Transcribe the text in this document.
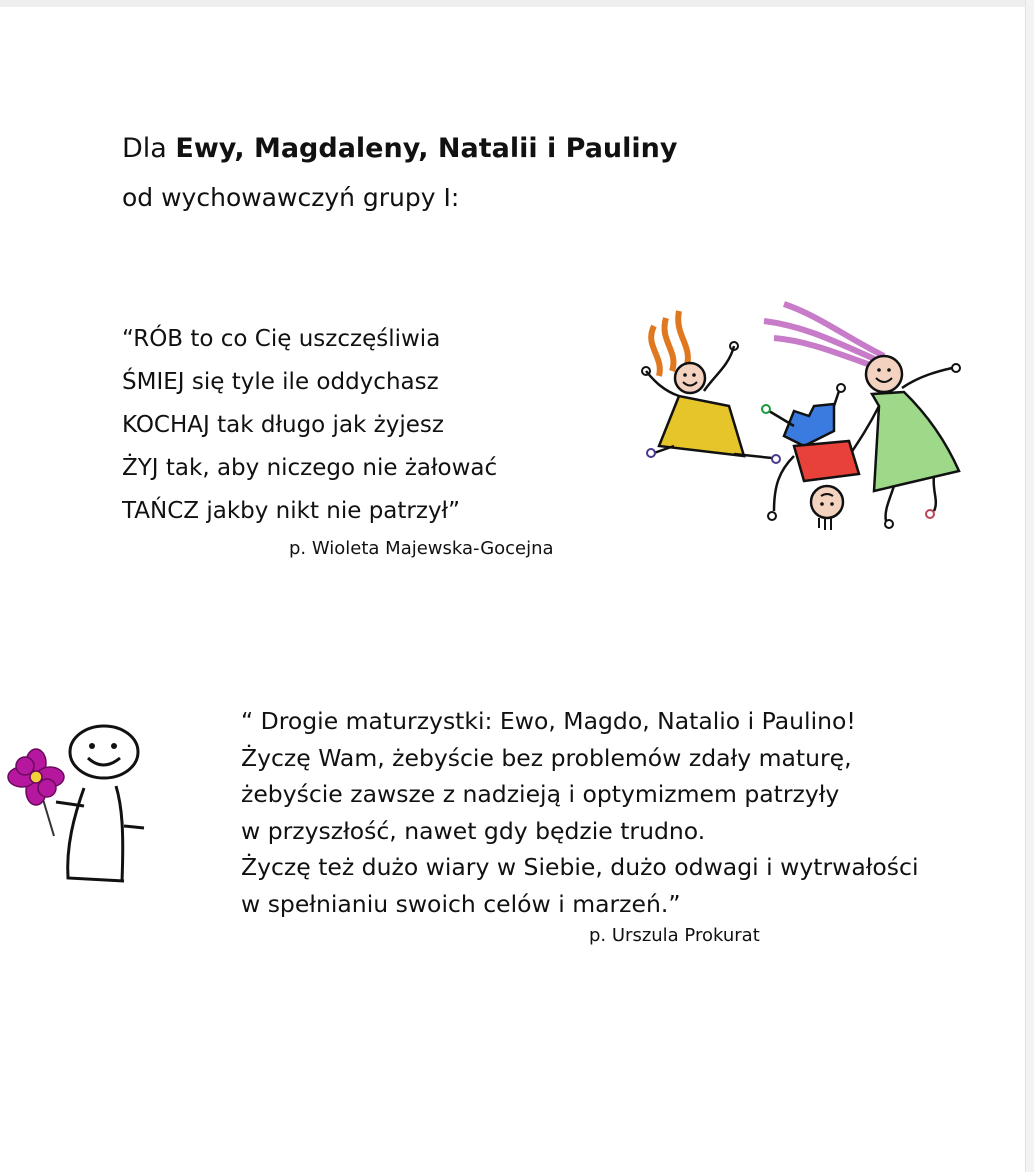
Dla Ewy, Magdaleny, Natalii i Pauliny
od wychowawczyń grupy I:
“RÓB to co Cię uszczęśliwia
ŚMIEJ się tyle ile oddychasz
KOCHAJ tak długo jak żyjesz
ŻYJ tak, aby niczego nie żałować
TAŃCZ jakby nikt nie patrzył”
p. Wioleta Majewska-Gocejna
“ Drogie maturzystki: Ewo, Magdo, Natalio i Paulino!
Życzę Wam, żebyście bez problemów zdały maturę,
żebyście zawsze z nadzieją i optymizmem patrzyły
w przyszłość, nawet gdy będzie trudno.
Życzę też dużo wiary w Siebie, dużo odwagi i wytrwałości
w spełnianiu swoich celów i marzeń.”
p. Urszula Prokurat
